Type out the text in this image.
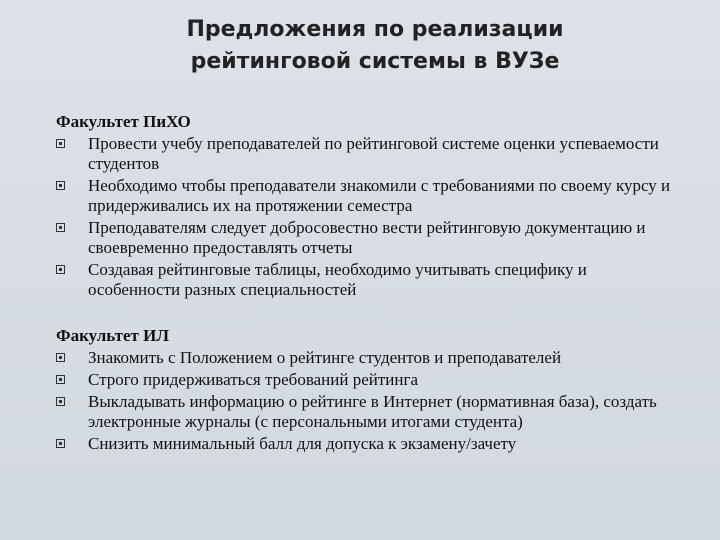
Предложения по реализации
рейтинговой системы в ВУЗе
Факультет ПиХО
Провести учебу преподавателей по рейтинговой системе оценки успеваемости студентов
Необходимо чтобы преподаватели знакомили с требованиями по своему курсу и придерживались их на протяжении семестра
Преподавателям следует добросовестно вести рейтинговую документацию и своевременно предоставлять отчеты
Создавая рейтинговые таблицы, необходимо учитывать специфику и особенности разных специальностей
Факультет ИЛ
Знакомить с Положением о рейтинге студентов и преподавателей
Строго придерживаться требований рейтинга
Выкладывать информацию о рейтинге в Интернет (нормативная база), создать электронные журналы (с персональными итогами студента)
Снизить минимальный балл для допуска к экзамену/зачету
